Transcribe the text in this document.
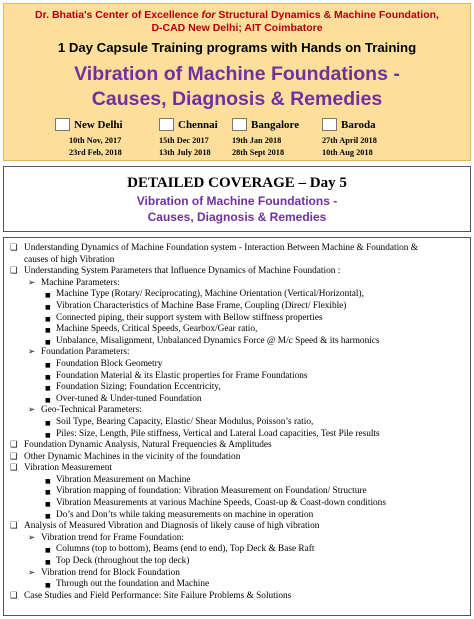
Dr. Bhatia's Center of Excellence for Structural Dynamics & Machine Foundation,
D-CAD New Delhi; AIT Coimbatore
1 Day Capsule Training programs with Hands on Training
Vibration of Machine Foundations -
Causes, Diagnosis & Remedies
New Delhi
10th Nov, 2017
23rd Feb, 2018
Chennai
15th Dec 2017
13th July 2018
Bangalore
19th Jan 2018
28th Sept 2018
Baroda
27th April 2018
10th Aug 2018
DETAILED COVERAGE – Day 5
Vibration of Machine Foundations -
Causes, Diagnosis & Remedies
❑ Understanding Dynamics of Machine Foundation system - Interaction Between Machine & Foundation &
causes of high Vibration
❑ Understanding System Parameters that Influence Dynamics of Machine Foundation :
➢ Machine Parameters:
■ Machine Type (Rotary/ Reciprocating), Machine Orientation (Vertical/Horizontal),
■ Vibration Characteristics of Machine Base Frame, Coupling (Direct/ Flexible)
■ Connected piping, their support system with Bellow stiffness properties
■ Machine Speeds, Critical Speeds, Gearbox/Gear ratio,
■ Unbalance, Misalignment, Unbalanced Dynamics Force @ M/c Speed & its harmonics
➢ Foundation Parameters:
■ Foundation Block Geometry
■ Foundation Material & its Elastic properties for Frame Foundations
■ Foundation Sizing; Foundation Eccentricity,
■ Over-tuned & Under-tuned Foundation
➢ Geo-Technical Parameters:
■ Soil Type, Bearing Capacity, Elastic/ Shear Modulus, Poisson’s ratio,
■ Piles: Size, Length, Pile stiffness, Vertical and Lateral Load capacities, Test Pile results
❑ Foundation Dynamic Analysis, Natural Frequencies & Amplitudes
❑ Other Dynamic Machines in the vicinity of the foundation
❑ Vibration Measurement
■ Vibration Measurement on Machine
■ Vibration mapping of foundation: Vibration Measurement on Foundation/ Structure
■ Vibration Measurements at various Machine Speeds, Coast-up & Coast-down conditions
■ Do’s and Don’ts while taking measurements on machine in operation
❑ Analysis of Measured Vibration and Diagnosis of likely cause of high vibration
➢ Vibration trend for Frame Foundation:
■ Columns (top to bottom), Beams (end to end), Top Deck & Base Raft
■ Top Deck (throughout the top deck)
➢ Vibration trend for Block Foundation
■ Through out the foundation and Machine
❑ Case Studies and Field Performance: Site Failure Problems & Solutions
